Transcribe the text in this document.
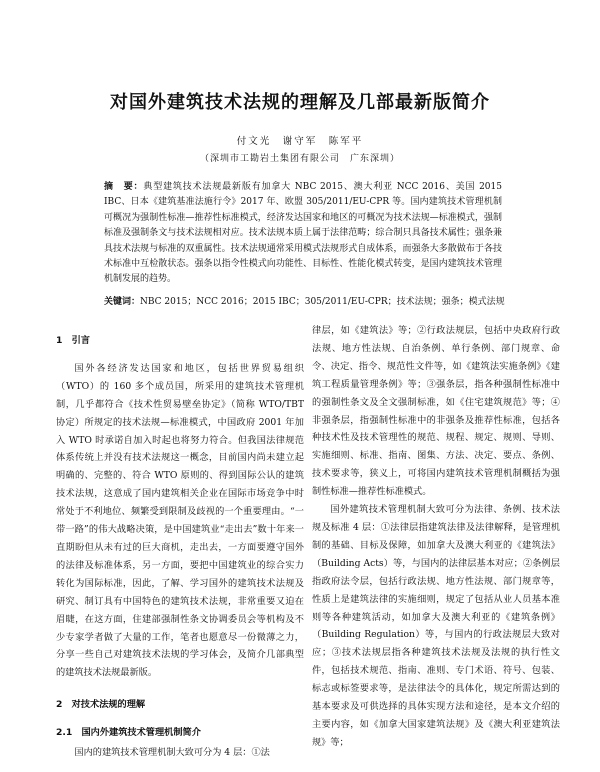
对国外建筑技术法规的理解及几部最新版简介
付文光　谢守军　陈军平
（深圳市工勘岩土集团有限公司　广东深圳）
摘　要：典型建筑技术法规最新版有加拿大 NBC 2015、澳大利亚 NCC 2016、美国 2015 IBC、日本《建筑基准法施行令》2017 年、欧盟 305/2011/EU-CPR 等。国内建筑技术管理机制可概况为强制性标准—推荐性标准模式，经济发达国家和地区的可概况为技术法规—标准模式，强制标准及强制条文与技术法规相对应。技术法规本质上属于法律范畴；综合制只具备技术属性；强条兼具技术法规与标准的双重属性。技术法规通常采用模式法规形式自成体系，而强条大多散做布于各技术标准中互检散状态。强条以指令性模式向功能性、目标性、性能化模式转变，是国内建筑技术管理机制发展的趋势。
关键词：NBC 2015；NCC 2016；2015 IBC；305/2011/EU-CPR；技术法规；强条；模式法规
1　引言

国外各经济发达国家和地区，包括世界贸易组织（WTO）的 160 多个成员国，所采用的建筑技术管理机制，几乎都符合《技术性贸易壁垒协定》（简称 WTO/TBT 协定）所规定的技术法规—标准模式，中国政府 2001 年加入 WTO 时承诺自加入时起也将努力符合。但我国法律规范体系传统上并没有技术法规这一概念，目前国内尚未建立起明确的、完整的、符合 WTO 原则的、得到国际公认的建筑技术法规，这意成了国内建筑相关企业在国际市场竞争中时常处于不利地位、频繁受到限制及歧视的一个重要理由。“一带一路”的伟大战略决策，是中国建筑业“走出去”数十年来一直期盼但从未有过的巨大商机，走出去，一方面要遵守国外的法律及标准体系，另一方面，要把中国建筑业的综合实力转化为国际标准，因此，了解、学习国外的建筑技术法规及研究、制订具有中国特色的建筑技术法规，非常重要又迫在眉睫，在这方面，住建部强制性条文协调委员会等机构及不少专家学者做了大量的工作，笔者也愿意尽一份微薄之力，分享一些自己对建筑技术法规的学习体会，及简介几部典型的建筑技术法规最新版。

2　对技术法规的理解
2.1　国内外建筑技术管理机制简介

国内的建筑技术管理机制大致可分为 4 层：①法

律层，如《建筑法》等；②行政法规层，包括中央政府行政法规、地方性法规、自治条例、单行条例、部门规章、命令、决定、指令、规范性文件等，如《建筑法实施条例》《建筑工程质量管理条例》等；③强条层，指各种强制性标准中的强制性条文及全文强制标准，如《住宅建筑规范》等；④非强条层，指强制性标准中的非强条及推荐性标准，包括各种技术性及技术管理性的规范、规程、规定、规则、导则、实施细则、标准、指南、图集、方法、决定、要点、条例、技术要求等，狭义上，可将国内建筑技术管理机制概括为强制性标准—推荐性标准模式。

国外建筑技术管理机制大致可分为法律、条例、技术法规及标准 4 层：①法律层指建筑法律及法律解释，是管理机制的基础、目标及保障，如加拿大及澳大利亚的《建筑法》（Building Acts）等，与国内的法律层基本对应；②条例层指政府法令层，包括行政法规、地方性法规、部门规章等，性质上是建筑法律的实施细则，规定了包括从业人员基本准则等各种建筑活动，如加拿大及澳大利亚的《建筑条例》（Building Regulation）等，与国内的行政法规层大致对应；③技术法规层指各种建筑技术法规及法规的执行性文件，包括技术规范、指南、准则、专门术语、符号、包装、标志或标签要求等，是法律法令的具体化，规定所需达到的基本要求及可供选择的具体实现方法和途径，是本文介绍的主要内容，如《加拿大国家建筑法规》及《澳大利亚建筑法规》等；
